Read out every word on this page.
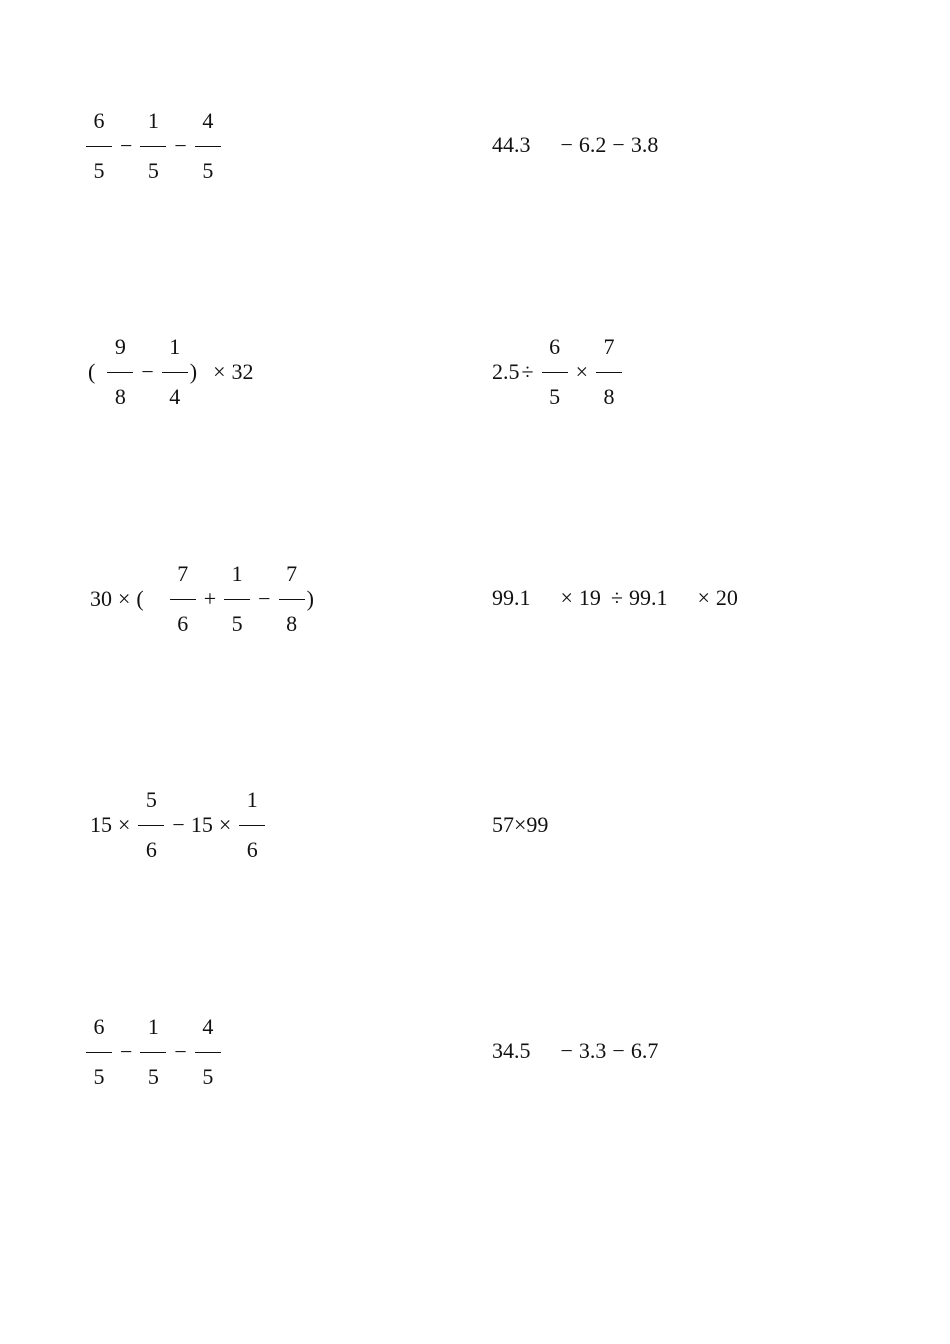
$\frac{6}{5} - \frac{1}{5} - \frac{4}{5}$	44.3 − 6.2 − 3.8
( $\frac{9}{8} - \frac{1}{4}$ ) × 32	$2.5 \div \frac{6}{5} \times \frac{7}{8}$
30 × ( $\frac{7}{6} + \frac{1}{5} - \frac{7}{8}$ )	99.1 × 19 ÷ 99.1 × 20
$15 \times \frac{5}{6} - 15 \times \frac{1}{6}$	57×99
$\frac{6}{5} - \frac{1}{5} - \frac{4}{5}$	34.5 − 3.3 − 6.7
